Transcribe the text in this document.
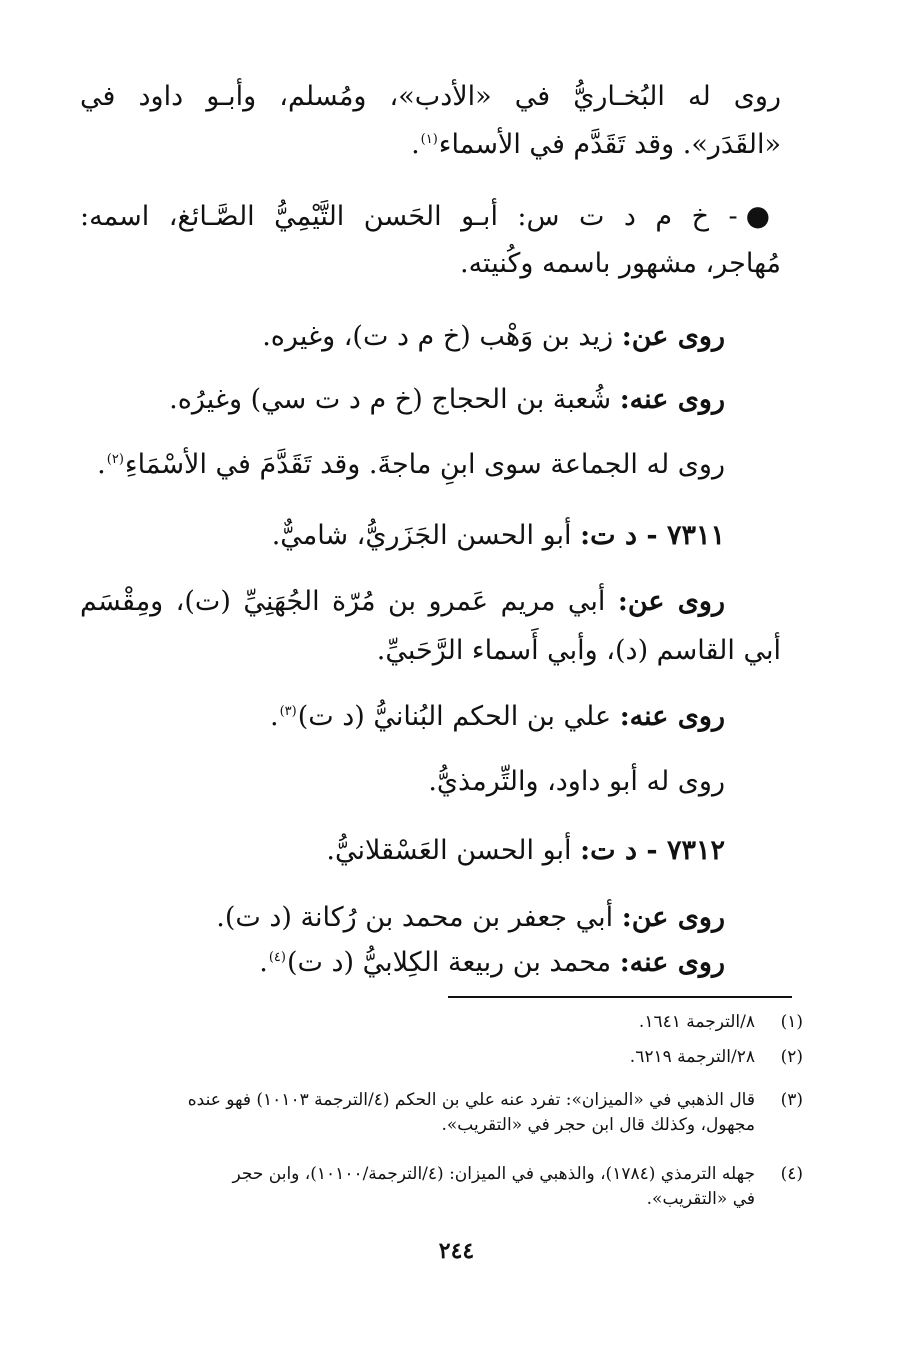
روى له البُخـاريُّ في «الأدب»، ومُسلم، وأبـو داود في
«القَدَر». وقد تَقَدَّم في الأسماء$^{(١)}$.
●- خ م د ت س: أبـو الحَسن التَّيْمِيُّ الصَّـائغ، اسمه:
مُهاجر، مشهور باسمه وكُنيته.
روى عن: زيد بن وَهْب (خ م د ت)، وغيره.
روى عنه: شُعبة بن الحجاج (خ م د ت سي) وغيرُه.
روى له الجماعة سوى ابنِ ماجةَ. وقد تَقَدَّمَ في الأسْمَاءِ$^{(٢)}$.
٧٣١١ - د ت: أبو الحسن الجَزَريُّ، شاميٌّ.
روى عن: أبي مريم عَمرو بن مُرّة الجُهَنِيِّ (ت)، ومِقْسَم
أبي القاسم (د)، وأبي أَسماء الرَّحَبيِّ.
روى عنه: علي بن الحكم البُنانيُّ (د ت)$^{(٣)}$.
روى له أبو داود، والتِّرمذيُّ.
٧٣١٢ - د ت: أبو الحسن العَسْقلانيُّ.
روى عن: أبي جعفر بن محمد بن رُكانة (د ت).
روى عنه: محمد بن ربيعة الكِلابيُّ (د ت)$^{(٤)}$.
(١)٨/الترجمة ١٦٤١.
(٢)٢٨/الترجمة ٦٢١٩.
(٣)قال الذهبي في «الميزان»: تفرد عنه علي بن الحكم (٤/الترجمة ١٠١٠٣) فهو عنده
مجهول، وكذلك قال ابن حجر في «التقريب».
(٤)جهله الترمذي (١٧٨٤)، والذهبي في الميزان: (٤/الترجمة/١٠١٠٠)، وابن حجر
في «التقريب».
٢٤٤
